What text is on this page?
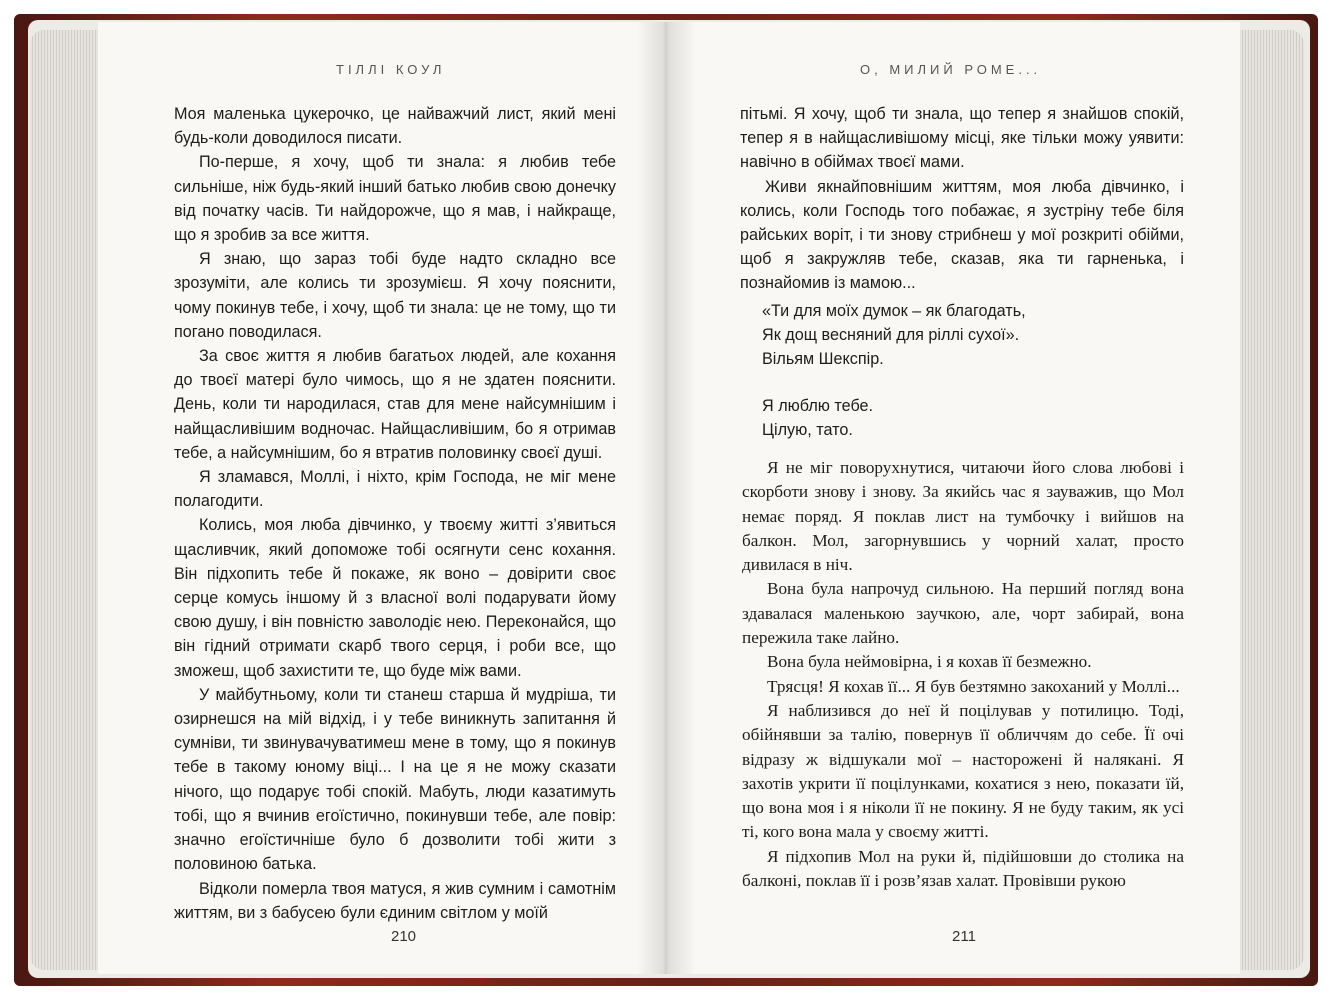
ТІЛЛІ КОУЛ	О, МИЛИЙ РОМЕ...

Моя маленька цукерочко, це найважчий лист, який мені будь-коли доводилося писати.

По-перше, я хочу, щоб ти знала: я любив тебе сильніше, ніж будь-який інший батько любив свою донечку від початку часів. Ти найдорожче, що я мав, і найкраще, що я зробив за все життя.

Я знаю, що зараз тобі буде надто складно все зрозуміти, але колись ти зрозумієш. Я хочу пояснити, чому покинув тебе, і хочу, щоб ти знала: це не тому, що ти погано поводилася.

За своє життя я любив багатьох людей, але кохання до твоєї матері було чимось, що я не здатен пояснити. День, коли ти народилася, став для мене найсумнішим і найщасливішим водночас. Найщасливішим, бо я отримав тебе, а найсумнішим, бо я втратив половинку своєї душі.

Я зламався, Моллі, і ніхто, крім Господа, не міг мене полагодити.

Колись, моя люба дівчинко, у твоєму житті з’явиться щасливчик, який допоможе тобі осягнути сенс кохання. Він підхопить тебе й покаже, як воно – довірити своє серце комусь іншому й з власної волі подарувати йому свою душу, і він повністю заволодіє нею. Переконайся, що він гідний отримати скарб твого серця, і роби все, що зможеш, щоб захистити те, що буде між вами.

У майбутньому, коли ти станеш старша й мудріша, ти озирнешся на мій відхід, і у тебе виникнуть запитання й сумніви, ти звинувачуватимеш мене в тому, що я покинув тебе в такому юному віці... І на це я не можу сказати нічого, що подарує тобі спокій. Мабуть, люди казатимуть тобі, що я вчинив егоїстично, покинувши тебе, але повір: значно егоїстичніше було б дозволити тобі жити з половиною батька.

Відколи померла твоя матуся, я жив сумним і самотнім життям, ви з бабусею були єдиним світлом у моїй

пітьмі. Я хочу, щоб ти знала, що тепер я знайшов спокій, тепер я в найщасливішому місці, яке тільки можу уявити: навічно в обіймах твоєї мами.

Живи якнайповнішим життям, моя люба дівчинко, і колись, коли Господь того побажає, я зустріну тебе біля райських воріт, і ти знову стрибнеш у мої розкриті обійми, щоб я закружляв тебе, сказав, яка ти гарненька, і познайомив із мамою...

«Ти для моїх думок – як благодать,

Як дощ весняний для ріллі сухої».

Вільям Шекспір.

Я люблю тебе.

Цілую, тато.

Я не міг поворухнутися, читаючи його слова любові і скорботи знову і знову. За якийсь час я зауважив, що Мол немає поряд. Я поклав лист на тумбочку і вийшов на балкон. Мол, загорнувшись у чорний халат, просто дивилася в ніч.

Вона була напрочуд сильною. На перший погляд вона здавалася маленькою заучкою, але, чорт забирай, вона пережила таке лайно.

Вона була неймовірна, і я кохав її безмежно.

Трясця! Я кохав її... Я був безтямно закоханий у Моллі...

Я наблизився до неї й поцілував у потилицю. Тоді, обійнявши за талію, повернув її обличчям до себе. Її очі відразу ж відшукали мої – насторожені й налякані. Я захотів укрити її поцілунками, кохатися з нею, показати їй, що вона моя і я ніколи її не покину. Я не буду таким, як усі ті, кого вона мала у своєму житті.

Я підхопив Мол на руки й, підійшовши до столика на балконі, поклав її і розв’язав халат. Провівши рукою

210	211
